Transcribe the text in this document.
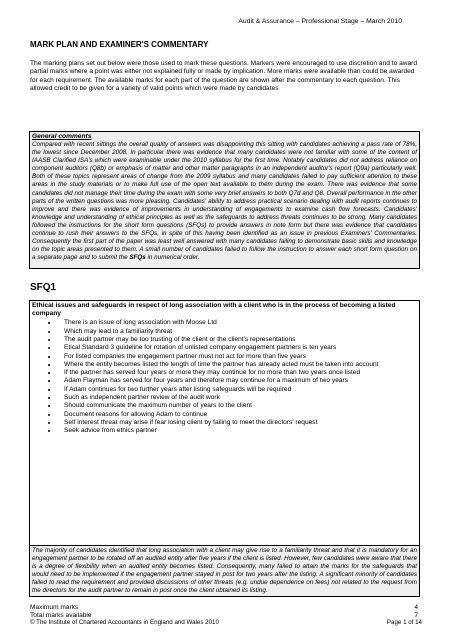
Audit & Assurance – Professional Stage – March 2010
MARK PLAN AND EXAMINER'S COMMENTARY

The marking plans set out below were those used to mark these questions. Markers were encouraged to use discretion and to award partial marks where a point was either not explained fully or made by implication. More marks were available than could be awarded for each requirement. The available marks for each part of the question are shown after the commentary to each question. This allowed credit to be given for a variety of valid points which were made by candidates

General comments

Compared with recent sittings the overall quality of answers was disappointing this sitting with candidates achieving a pass rate of 78%, the lowest since December 2008. In particular there was evidence that many candidates were not familiar with some of the content of IAASB Clarified ISA's which were examinable under the 2010 syllabus for the first time. Notably candidates did not address reliance on component auditors (Q8b) or emphasis of matter and other matter paragraphs in an independent auditor's report (Q9a) particularly well. Both of these topics represent areas of change from the 2009 syllabus and many candidates failed to pay sufficient attention to these areas in the study materials or to make full use of the open text available to them during the exam. There was evidence that some candidates did not manage their time during the exam with some very brief answers to both Q7d and Q8. Overall performance in the other parts of the written questions was more pleasing. Candidates' ability to address practical scenario dealing with audit reports continues to improve and there was evidence of improvements in understanding of engagements to examine cash flow forecasts. Candidates' knowledge and understanding of ethical principles as well as the safeguards to address threats continues to be strong. Many candidates followed the instructions for the short form questions (SFQs) to provide answers in note form but there was evidence that candidates continue to rush their answers to the SFQs, in spite of this having been identified as an issue in previous Examiners' Commentaries. Consequently the first part of the paper was least well answered with many candidates failing to demonstrate basic skills and knowledge on the topic areas presented to them. A small number of candidates failed to follow the instruction to answer each short form question on a separate page and to submit the SFQs in numerical order.

SFQ1
Ethical issues and safeguards in respect of long association with a client who is in the process of becoming a listed company
• There is an issue of long association with Moose Ltd
• Which may lead to a familiarity threat
• The audit partner may be too trusting of the client or the client's representations
• Etical Standard 3 guideline for rotation of unlisted company engagement partners is ten years
• For listed companies the engagement partner must not act for more than five years
• Where the entity becomes listed the length of time the partner has already acted must be taken into account
• If the partner has served four years or more they may continue for no more than two years once listed
• Adam Flayman has served for four years and therefore may continue for a maximum of two years
• If Adam continues for two further years after listing safeguards will be required
• Such as independent partner review of the audit work
• Should communicate the maximum number of years to the client
• Document reasons for allowing Adam to continue
• Self interest threat may arise if fear losing client by failing to meet the directors' request
• Seek advice from ethics partner

The majority of candidates identified that long association with a client may give rise to a familiarity threat and that it is mandatory for an engagement partner to be rotated off an audited entity after five years if the client is listed. However, few candidates were aware that there is a degree of flexibility when an audited entity becomes listed. Consequently, many failed to attain the marks for the safeguards that would need to be implemented if the engagement partner stayed in post for two years after the listing. A significant minority of candidates failed to read the requirement and provided discussions of other threats (e.g. undue dependence on fees) not related to the request from the directors for the audit partner to remain in post once the client obtained its listing.

Maximum marks	4
Total marks available	7
© The Institute of Chartered Accountants in England and Wales 2010	Page 1 of 14
